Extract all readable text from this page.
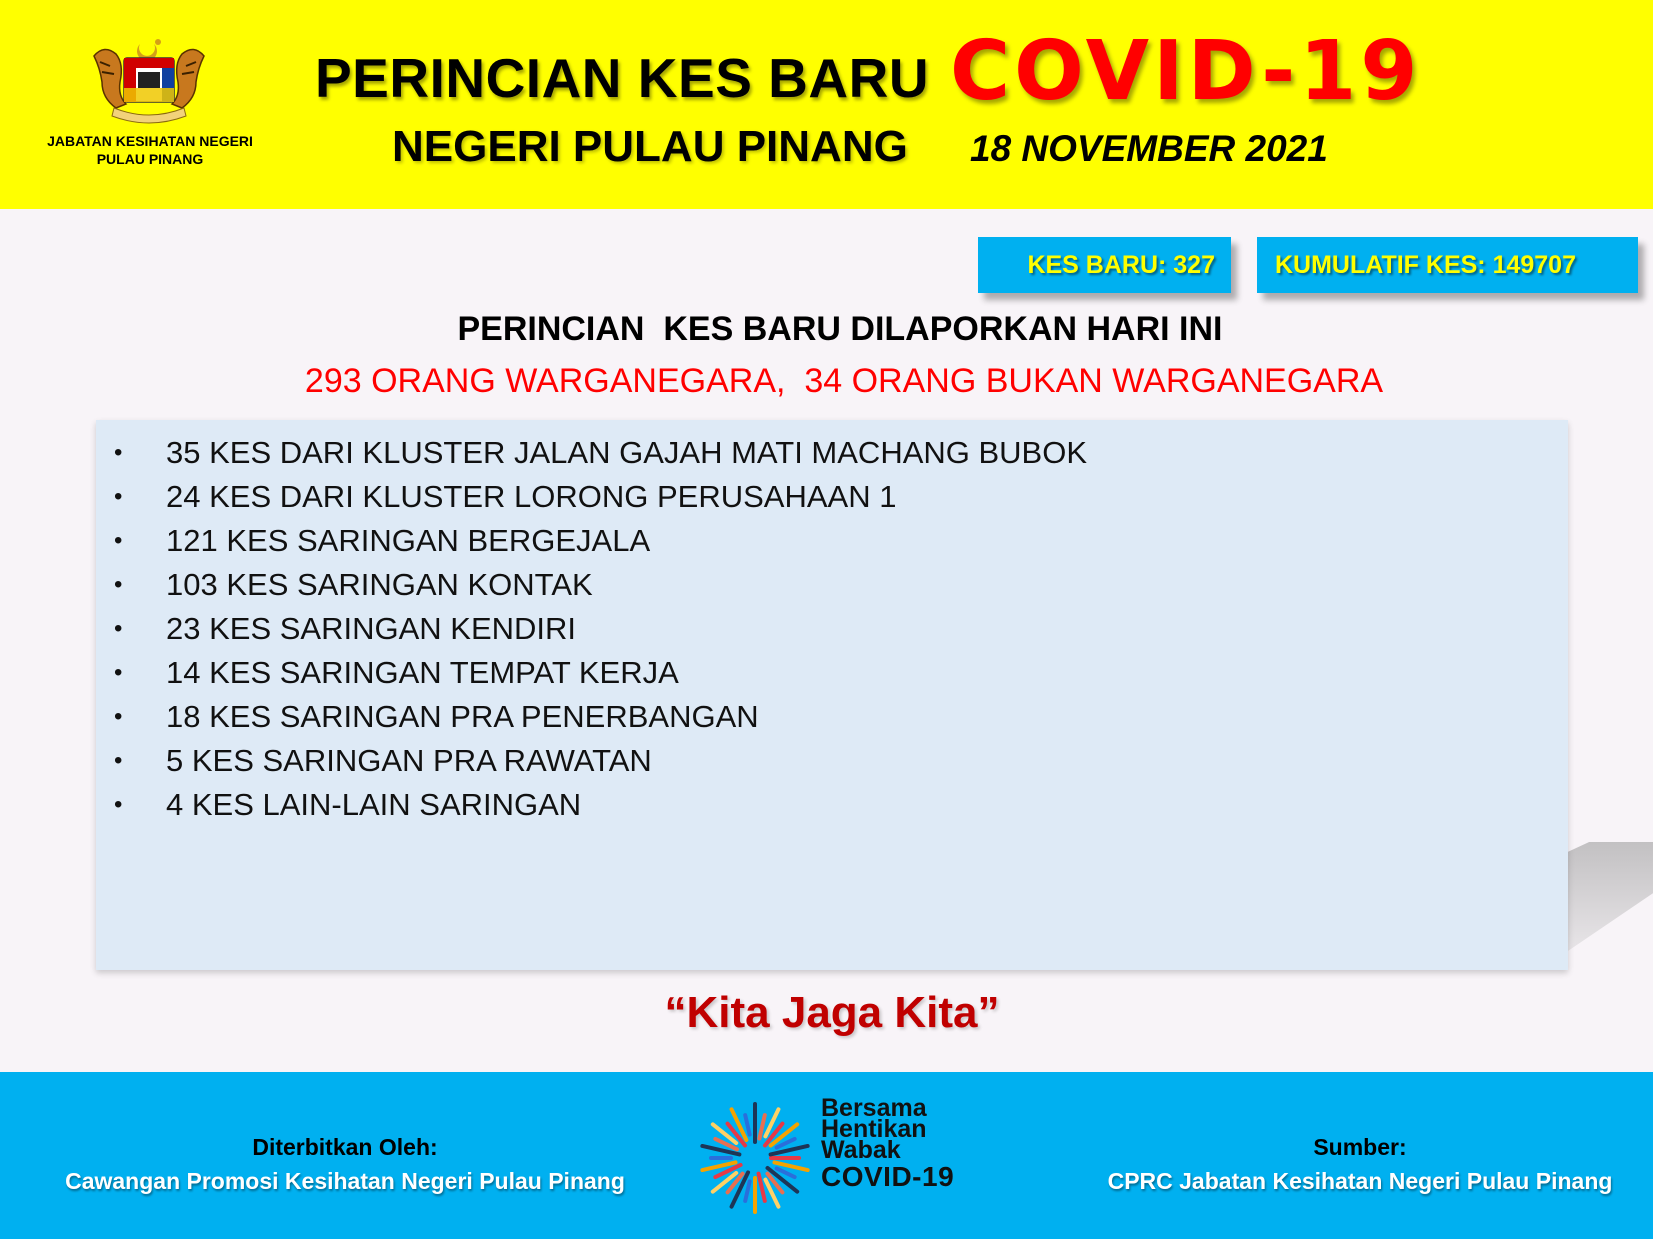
JABATAN KESIHATAN NEGERI
PULAU PINANG
PERINCIAN KES BARU COVID-19
NEGERI PULAU PINANG 18 NOVEMBER 2021
KES BARU: 327	KUMULATIF KES: 149707
PERINCIAN  KES BARU DILAPORKAN HARI INI
293 ORANG WARGANEGARA,  34 ORANG BUKAN WARGANEGARA
• 35 KES DARI KLUSTER JALAN GAJAH MATI MACHANG BUBOK
• 24 KES DARI KLUSTER LORONG PERUSAHAAN 1
• 121 KES SARINGAN BERGEJALA
• 103 KES SARINGAN KONTAK
• 23 KES SARINGAN KENDIRI
• 14 KES SARINGAN TEMPAT KERJA
• 18 KES SARINGAN PRA PENERBANGAN
• 5 KES SARINGAN PRA RAWATAN
• 4 KES LAIN-LAIN SARINGAN
“Kita Jaga Kita”
Diterbitkan Oleh:
Cawangan Promosi Kesihatan Negeri Pulau Pinang
Bersama
Hentikan
Wabak
COVID-19
Sumber:
CPRC Jabatan Kesihatan Negeri Pulau Pinang
